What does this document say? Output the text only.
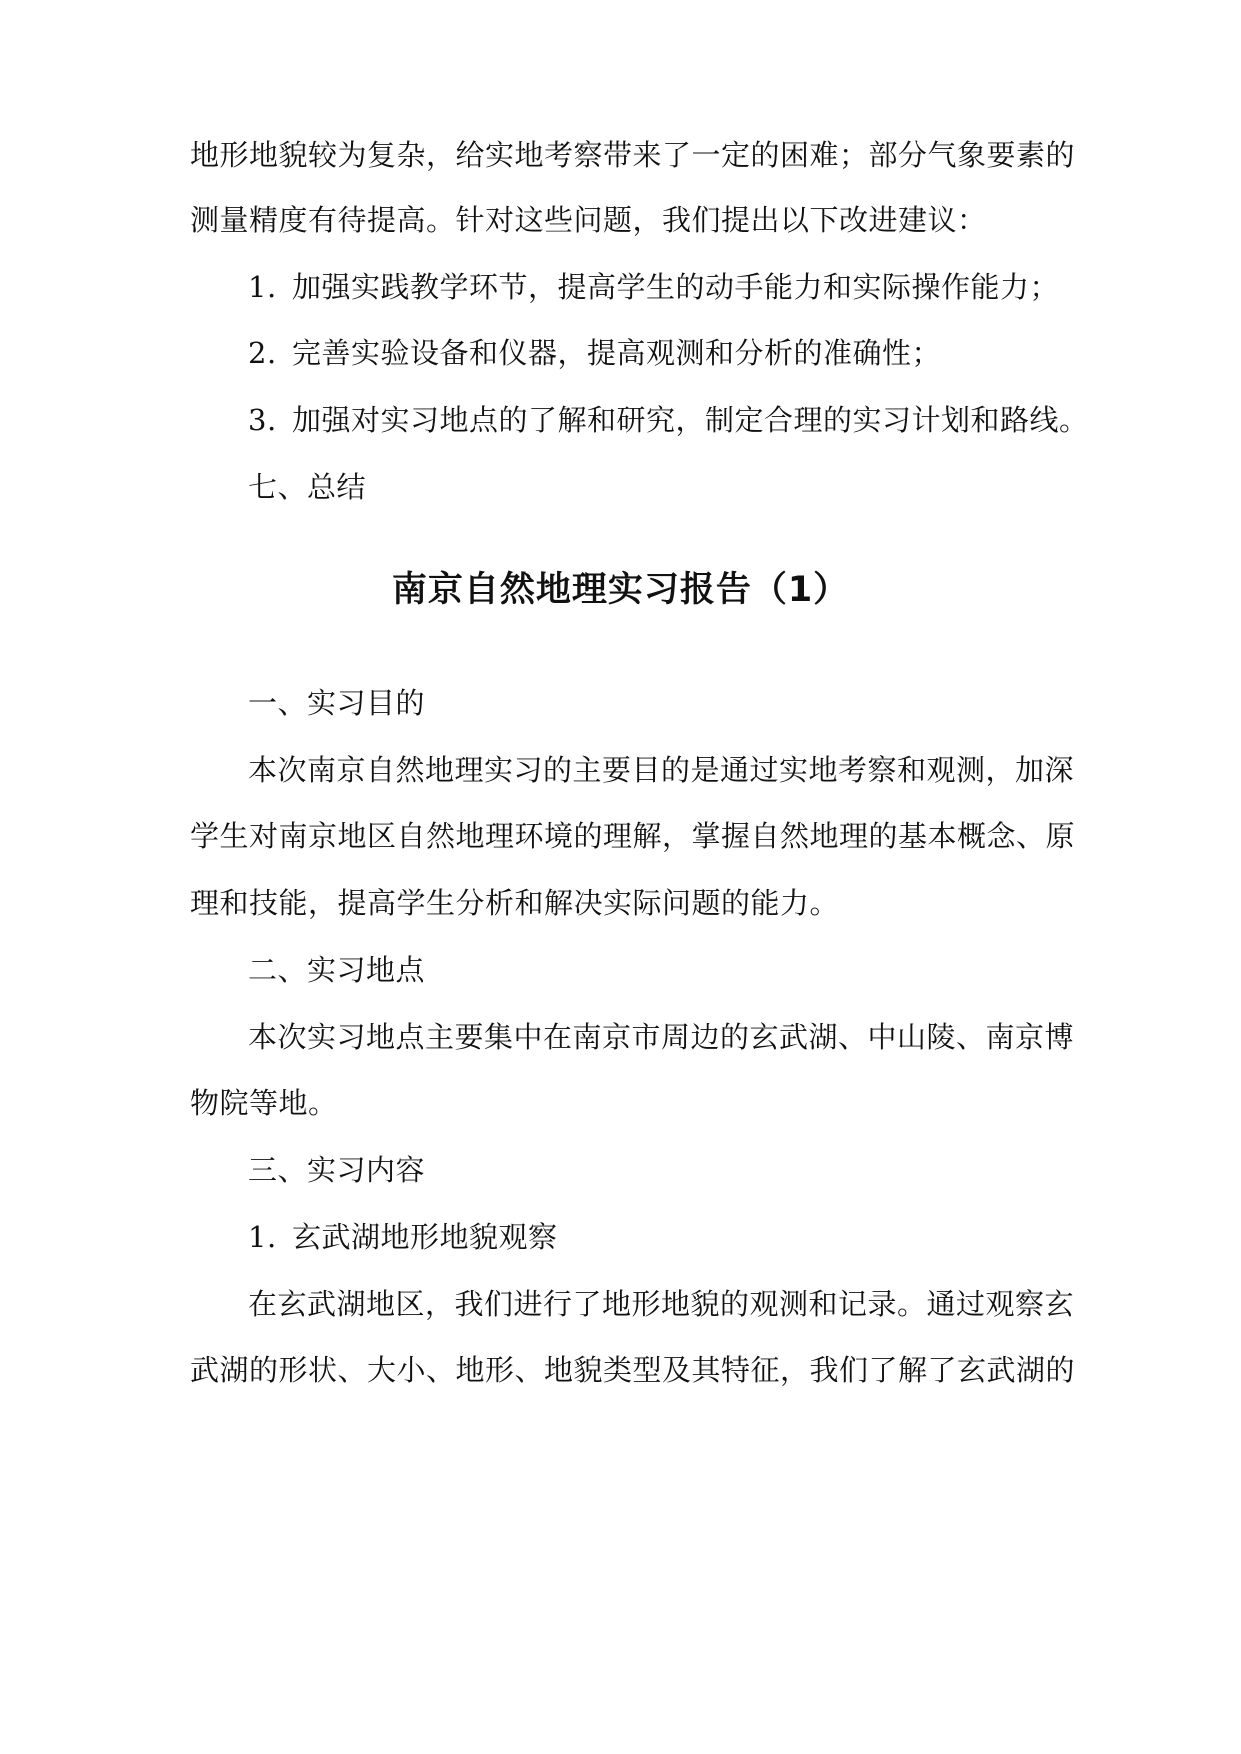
地形地貌较为复杂，给实地考察带来了一定的困难；部分气象要素的
测量精度有待提高。针对这些问题，我们提出以下改进建议：
1. 加强实践教学环节，提高学生的动手能力和实际操作能力；
2. 完善实验设备和仪器，提高观测和分析的准确性；
3. 加强对实习地点的了解和研究，制定合理的实习计划和路线。
七、总结
南京自然地理实习报告（1）
一、实习目的
本次南京自然地理实习的主要目的是通过实地考察和观测，加深
学生对南京地区自然地理环境的理解，掌握自然地理的基本概念、原
理和技能，提高学生分析和解决实际问题的能力。
二、实习地点
本次实习地点主要集中在南京市周边的玄武湖、中山陵、南京博
物院等地。
三、实习内容
1. 玄武湖地形地貌观察
在玄武湖地区，我们进行了地形地貌的观测和记录。通过观察玄
武湖的形状、大小、地形、地貌类型及其特征，我们了解了玄武湖的
